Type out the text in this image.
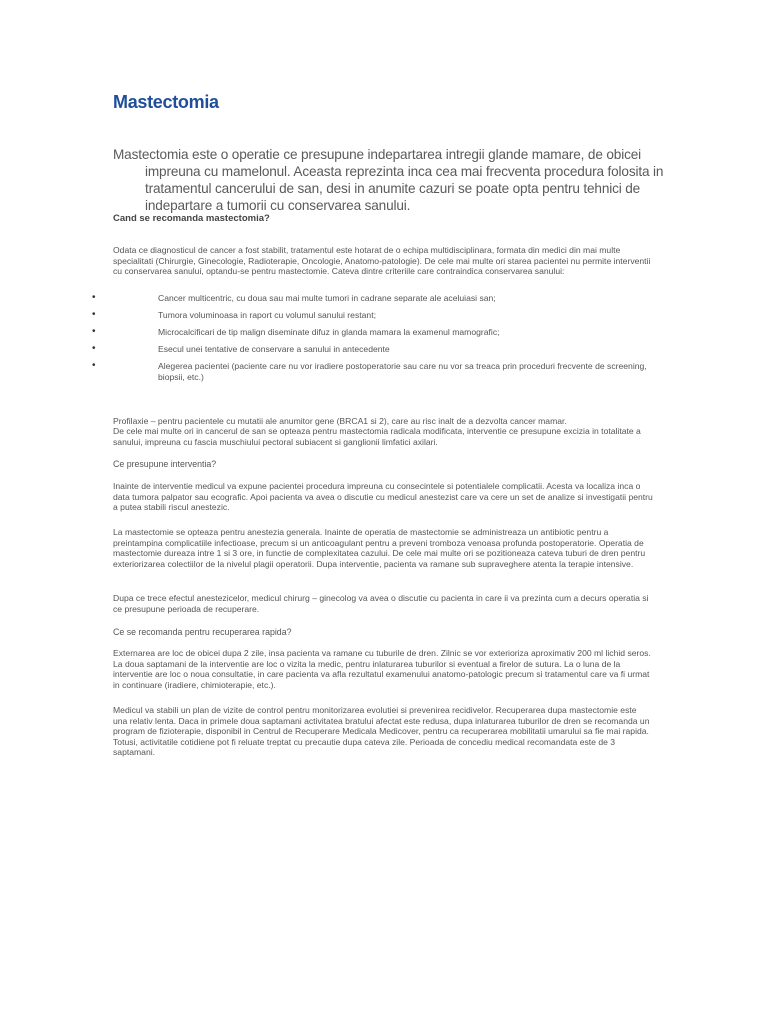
Mastectomia
Mastectomia este o operatie ce presupune indepartarea intregii glande mamare, de obicei impreuna cu mamelonul. Aceasta reprezinta inca cea mai frecventa procedura folosita in tratamentul cancerului de san, desi in anumite cazuri se poate opta pentru tehnici de indepartare a tumorii cu conservarea sanului.
Cand se recomanda mastectomia?

Odata ce diagnosticul de cancer a fost stabilit, tratamentul este hotarat de o echipa multidisciplinara, formata din medici din mai multe specialitati (Chirurgie, Ginecologie, Radioterapie, Oncologie, Anatomo-patologie). De cele mai multe ori starea pacientei nu permite interventii cu conservarea sanului, optandu-se pentru mastectomie. Cateva dintre criteriile care contraindica conservarea sanului:

•	Cancer multicentric, cu doua sau mai multe tumori in cadrane separate ale aceluiasi san;
•	Tumora voluminoasa in raport cu volumul sanului restant;
•	Microcalcificari de tip malign diseminate difuz in glanda mamara la examenul mamografic;
•	Esecul unei tentative de conservare a sanului in antecedente
•	Alegerea pacientei (paciente care nu vor iradiere postoperatorie sau care nu vor sa treaca prin proceduri frecvente de screening, biopsii, etc.)

Profilaxie – pentru pacientele cu mutatii ale anumitor gene (BRCA1 si 2), care au risc inalt de a dezvolta cancer mamar.

De cele mai multe ori in cancerul de san se opteaza pentru mastectomia radicala modificata, interventie ce presupune excizia in totalitate a sanului, impreuna cu fascia muschiului pectoral subiacent si ganglionii limfatici axilari.

Ce presupune interventia?

Inainte de interventie medicul va expune pacientei procedura impreuna cu consecintele si potentialele complicatii. Acesta va localiza inca o data tumora palpator sau ecografic. Apoi pacienta va avea o discutie cu medicul anestezist care va cere un set de analize si investigatii pentru a putea stabili riscul anestezic.

La mastectomie se opteaza pentru anestezia generala. Inainte de operatia de mastectomie se administreaza un antibiotic pentru a preintampina complicatiile infectioase, precum si un anticoagulant pentru a preveni tromboza venoasa profunda postoperatorie. Operatia de mastectomie dureaza intre 1 si 3 ore, in functie de complexitatea cazului. De cele mai multe ori se pozitioneaza cateva tuburi de dren pentru exteriorizarea colectiilor de la nivelul plagii operatorii. Dupa interventie, pacienta va ramane sub supraveghere atenta la terapie intensive.

Dupa ce trece efectul anestezicelor, medicul chirurg – ginecolog va avea o discutie cu pacienta in care ii va prezinta cum a decurs operatia si ce presupune perioada de recuperare.

Ce se recomanda pentru recuperarea rapida?

Externarea are loc de obicei dupa 2 zile, insa pacienta va ramane cu tuburile de dren. Zilnic se vor exterioriza aproximativ 200 ml lichid seros. La doua saptamani de la interventie are loc o vizita la medic, pentru inlaturarea tuburilor si eventual a firelor de sutura. La o luna de la interventie are loc o noua consultatie, in care pacienta va afla rezultatul examenului anatomo-patologic precum si tratamentul care va fi urmat in continuare (iradiere, chimioterapie, etc.).

Medicul va stabili un plan de vizite de control pentru monitorizarea evolutiei si prevenirea recidivelor. Recuperarea dupa mastectomie este una relativ lenta. Daca in primele doua saptamani activitatea bratului afectat este redusa, dupa inlaturarea tuburilor de dren se recomanda un program de fizioterapie, disponibil in Centrul de Recuperare Medicala Medicover, pentru ca recuperarea mobilitatii umarului sa fie mai rapida. Totusi, activitatile cotidiene pot fi reluate treptat cu precautie dupa cateva zile. Perioada de concediu medical recomandata este de 3 saptamani.
